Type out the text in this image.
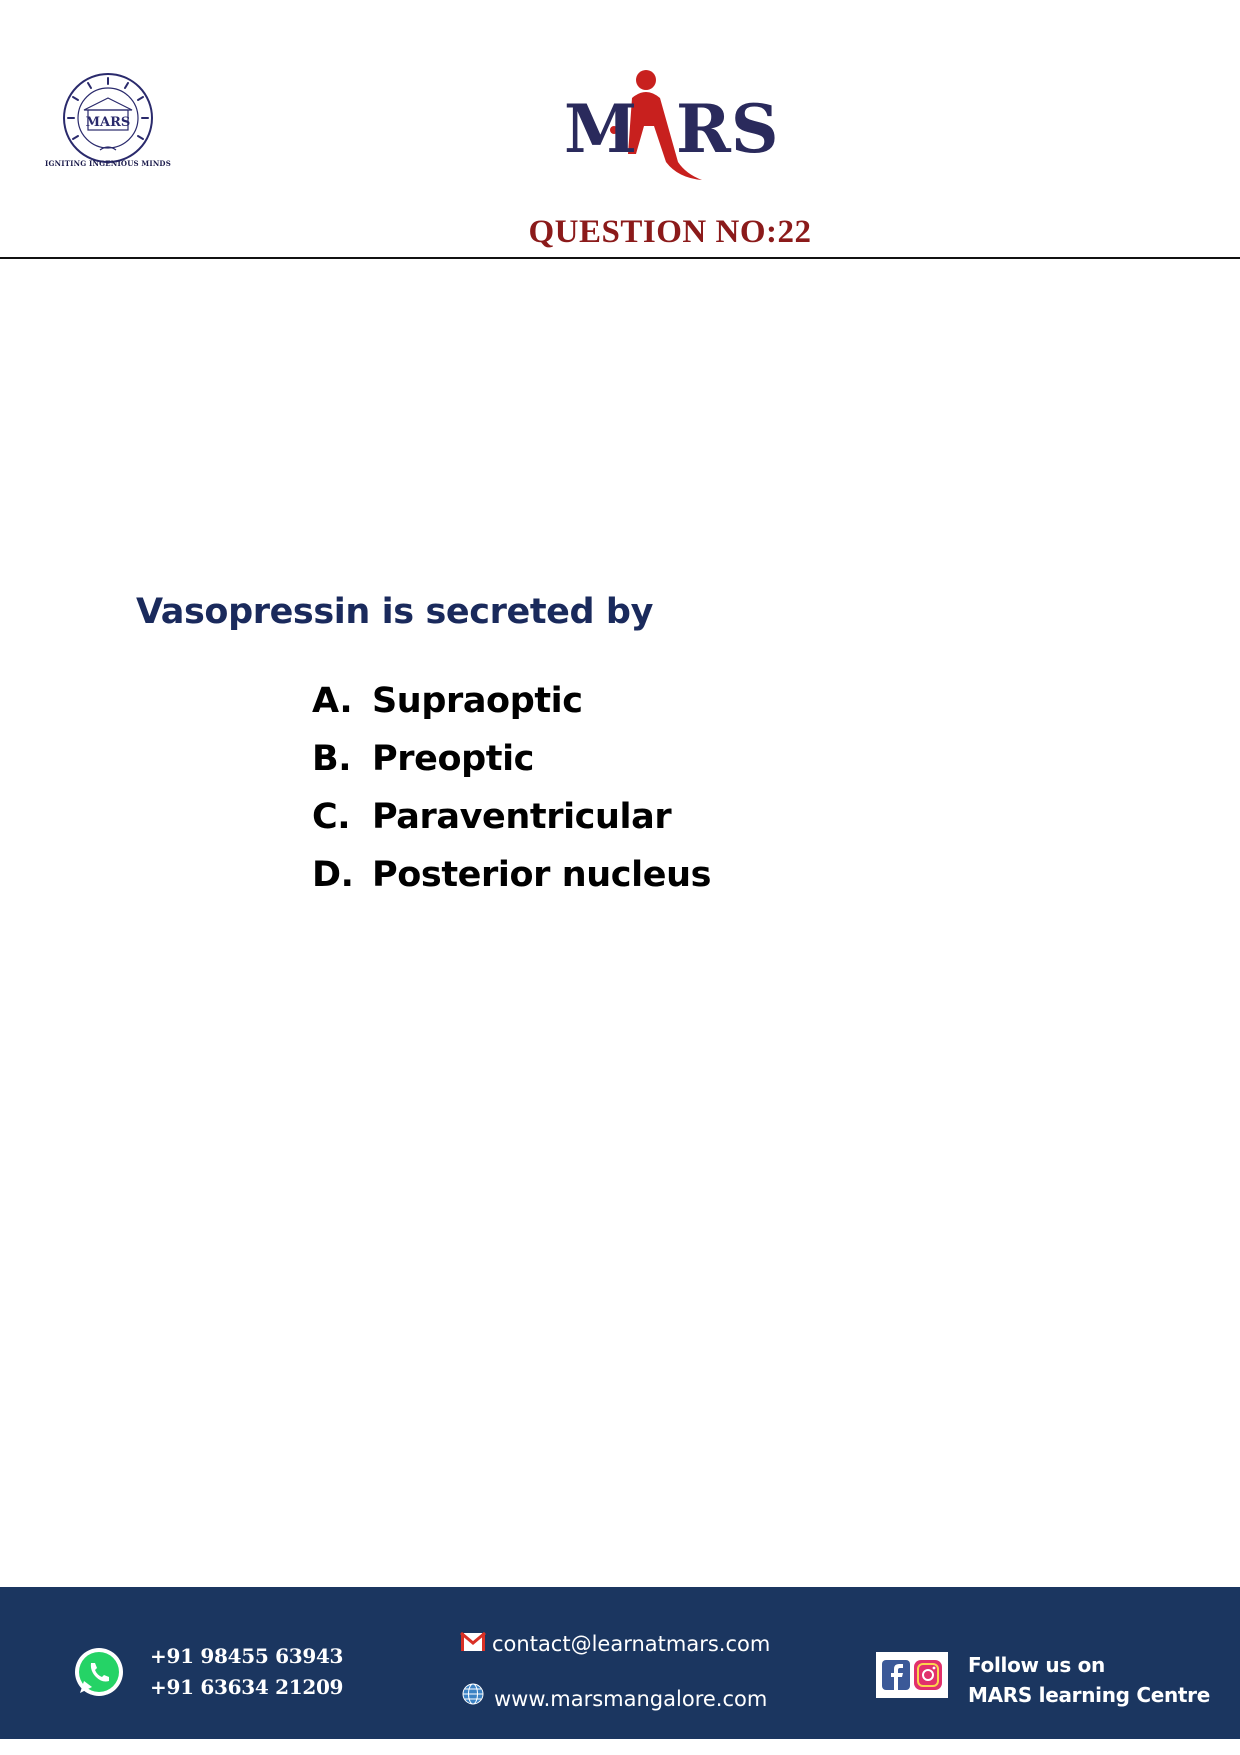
MARS
IGNITING INGENIOUS MINDS	M RS
QUESTION NO:22
Vasopressin is secreted by
A. Supraoptic
B. Preoptic
C. Paraventricular
D. Posterior nucleus
+91 98455 63943
+91 63634 21209
contact@learnatmars.com
www.marsmangalore.com
Follow us on
MARS learning Centre
